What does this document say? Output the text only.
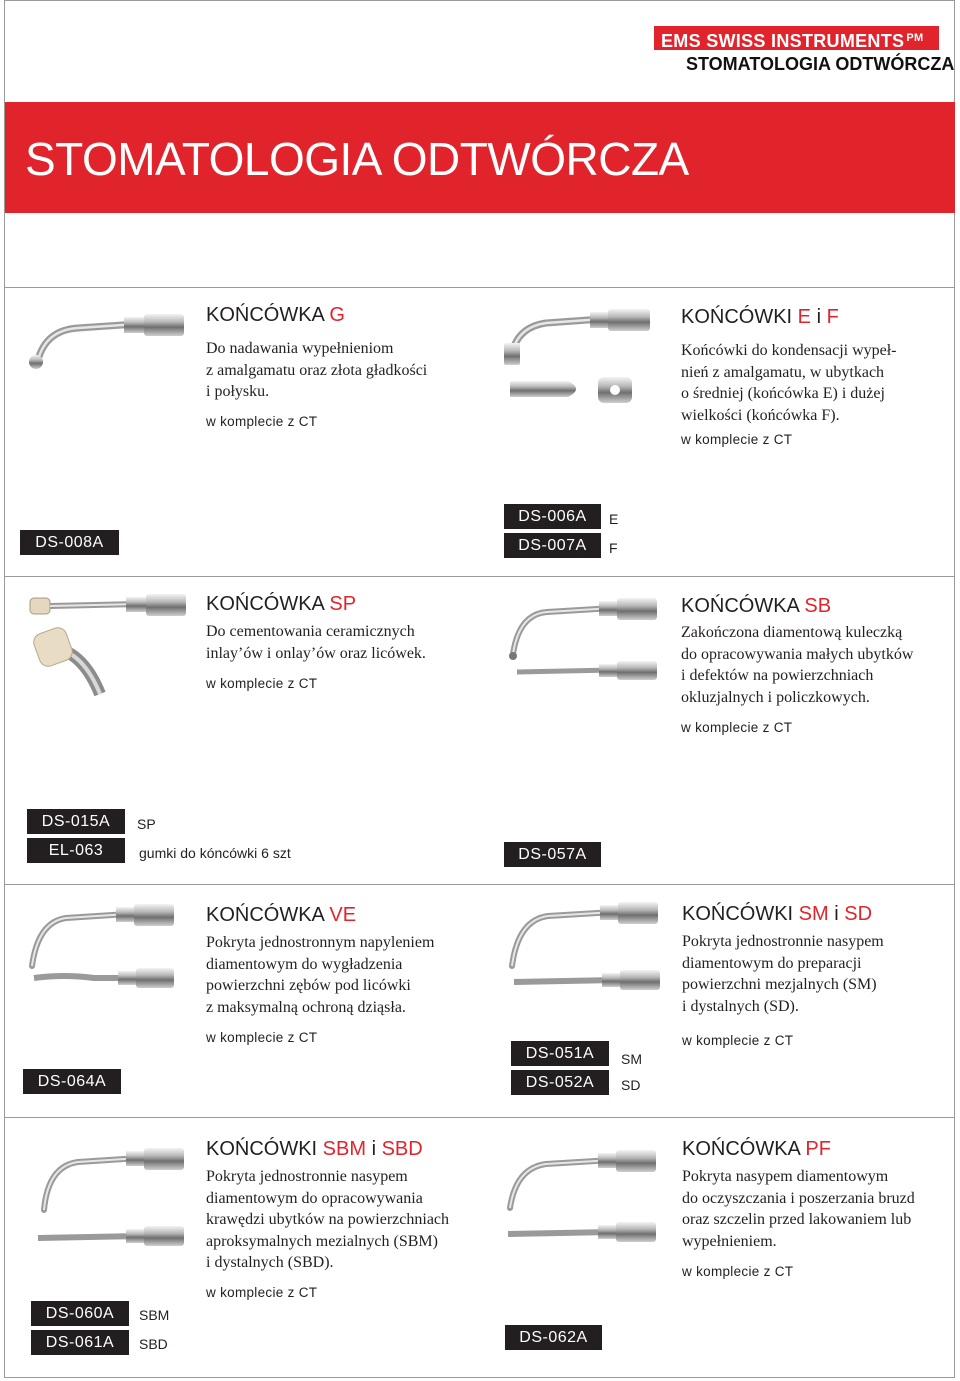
EMS SWISS INSTRUMENTS $^{PM}$
STOMATOLOGIA ODTWÓRCZA
STOMATOLOGIA ODTWÓRCZA
KOŃCÓWKA G
Do nadawania wypełnieniom
z amalgamatu oraz złota gładkości
i połysku.
w komplecie z CT
DS-008A
KOŃCÓWKI E i F
Końcówki do kondensacji wypeł-
nień z amalgamatu, w ubytkach
o średniej (końcówka E) i dużej
wielkości (końcówka F).
w komplecie z CT
DS-006A	E
DS-007A	F
KOŃCÓWKA SP
Do cementowania ceramicznych
inlay’ów i onlay’ów oraz licówek.
w komplecie z CT
DS-015A	SP
EL-063	gumki do kóncówki 6 szt
KOŃCÓWKA SB
Zakończona diamentową kuleczką
do opracowywania małych ubytków
i defektów na powierzchniach
okluzjalnych i policzkowych.
w komplecie z CT
DS-057A
KOŃCÓWKA VE
Pokryta jednostronnym napyleniem
diamentowym do wygładzenia
powierzchni zębów pod licówki
z maksymalną ochroną dziąsła.
w komplecie z CT
DS-064A
KOŃCÓWKI SM i SD
Pokryta jednostronnie nasypem
diamentowym do preparacji
powierzchni mezjalnych (SM)
i dystalnych (SD).
w komplecie z CT
DS-051A	SM
DS-052A	SD
KOŃCÓWKI SBM i SBD
Pokryta jednostronnie nasypem
diamentowym do opracowywania
krawędzi ubytków na powierzchniach
aproksymalnych mezialnych (SBM)
i dystalnych (SBD).
w komplecie z CT
DS-060A	SBM
DS-061A	SBD
KOŃCÓWKA PF
Pokryta nasypem diamentowym
do oczyszczania i poszerzania bruzd
oraz szczelin przed lakowaniem lub
wypełnieniem.
w komplecie z CT
DS-062A
